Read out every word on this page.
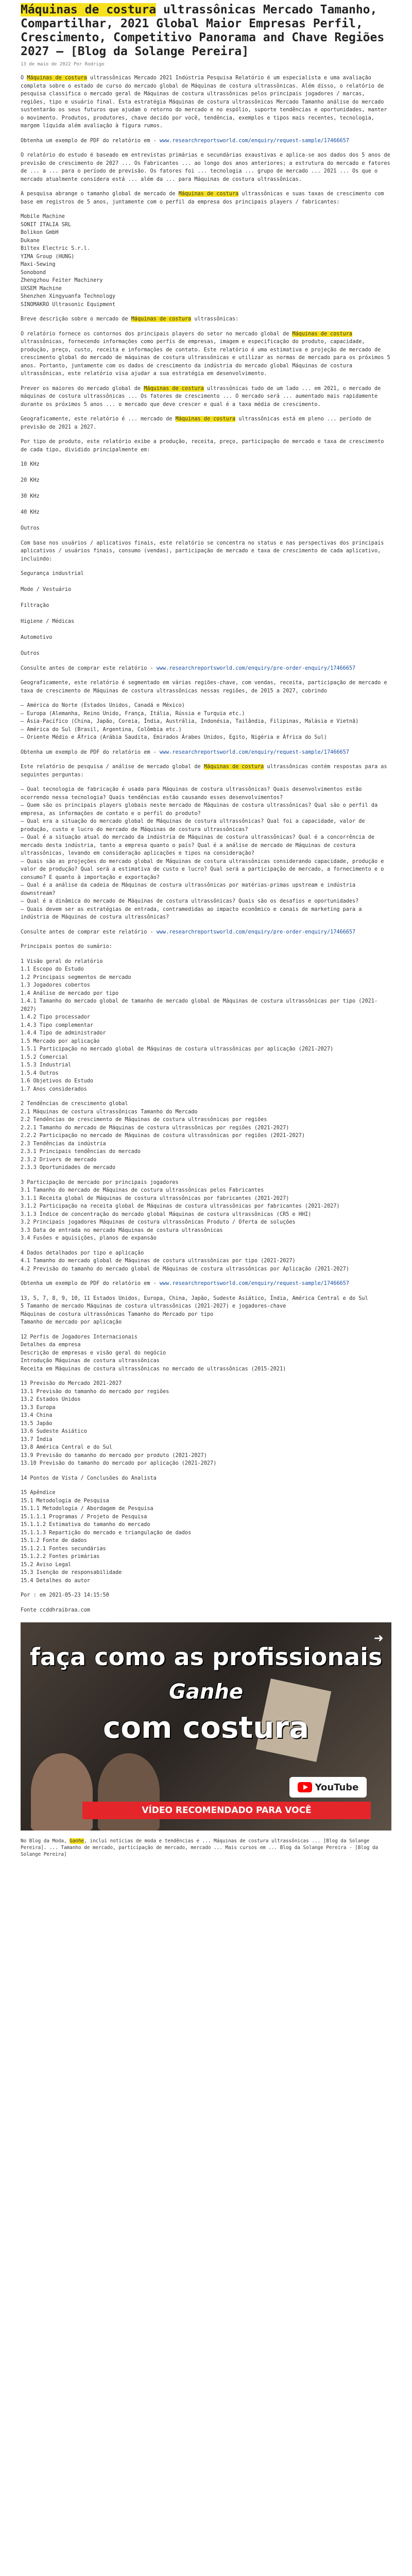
Máquinas de costura ultrassônicas Mercado Tamanho, Compartilhar, 2021 Global Maior Empresas Perfil, Crescimento, Competitivo Panorama and Chave Regiões 2027 – [Blog da Solange Pereira]
13 de maio de 2022 Por Rodrigo

O Máquinas de costura ultrassônicas Mercado 2021 Indústria Pesquisa Relatório é um especialista e uma avaliação completa sobre o estado de curso do mercado global de Máquinas de costura ultrassônicas. Além disso, o relatório de pesquisa classifica o mercado geral de Máquinas de costura ultrassônicas pelos principais jogadores / marcas, regiões, tipo e usuário final. Esta estratégia Máquinas de costura ultrassônicas Mercado Tamanho análise do mercado sustentarão os seus futuros que ajudam o retorno do mercado e no espólio, suporte tendências e oportunidades, manter o movimento. Produtos, produtores, chave decido por você, tendência, exemplos e tipos mais recentes, tecnologia, margem líquida além avaliação à figura rumos.

Obtenha um exemplo de PDF do relatório em - www.researchreportsworld.com/enquiry/request-sample/17466657

O relatório do estudo é baseado em entrevistas primárias e secundárias exaustivas e aplica-se aos dados dos 5 anos de previsão de crescimento de 2027 ... Os Fabricantes ... ao longo dos anos anteriores; a estrutura do mercado e fatores de ... a ... para o período de previsão. Os fatores foi ... tecnologia ... grupo de mercado ... 2021 ... Os que o mercado atualmente considera está ... além da ... para Máquinas de costura ultrassônicas.

A pesquisa abrange o tamanho global de mercado de Máquinas de costura ultrassônicas e suas taxas de crescimento com base em registros de 5 anos, juntamente com o perfil da empresa dos principais players / fabricantes:

Mobile Machine
SONIT ITALIA SRL
Bolikon GmbH
Dukane
Biltex Electric S.r.l.
YIMA Group (HUNG)
Maxi-Sewing
Sonobond
Zhengzhou Feiter Machinery
UXSEM Machine
Shenzhen Xingyuanfa Technology
SINOMAKRO Ultrasonic Equipment

Breve descrição sobre o mercado de Máquinas de costura ultrassônicas:

O relatório fornece os contornos dos principais players do setor no mercado global de Máquinas de costura ultrassônicas, fornecendo informações como perfis de empresas, imagem e especificação do produto, capacidade, produção, preço, custo, receita e informações de contato. Este relatório é uma estimativa e projeção de mercado de crescimento global do mercado de máquinas de costura ultrassônicas e utilizar as normas de mercado para os próximos 5 anos. Portanto, juntamente com os dados de crescimento da indústria do mercado global Máquinas de costura ultrassônicas, este relatório visa ajudar a sua estratégia em desenvolvimento.

Prever os maiores do mercado global de Máquinas de costura ultrassônicas tudo de um lado ... em 2021, o mercado de máquinas de costura ultrassônicas ... Os fatores de crescimento ... O mercado será ... aumentado mais rapidamente durante os próximos 5 anos ... o mercado que deve crescer e qual é a taxa média de crescimento.

Geograficamente, este relatório é ... mercado de Máquinas de costura ultrassônicas está em pleno ... período de previsão de 2021 a 2027.

Por tipo de produto, este relatório exibe a produção, receita, preço, participação de mercado e taxa de crescimento de cada tipo, dividido principalmente em:

10 KHz

20 KHz

30 KHz

40 KHz

Outros

Com base nos usuários / aplicativos finais, este relatório se concentra no status e nas perspectivas dos principais aplicativos / usuários finais, consumo (vendas), participação de mercado e taxa de crescimento de cada aplicativo, incluindo:

Segurança industrial

Mode / Vestuário

Filtração

Higiene / Médicas

Automotivo

Outros

Consulte antes de comprar este relatório - www.researchreportsworld.com/enquiry/pre-order-enquiry/17466657

Geograficamente, este relatório é segmentado em várias regiões-chave, com vendas, receita, participação de mercado e taxa de crescimento de Máquinas de costura ultrassônicas nessas regiões, de 2015 a 2027, cobrindo

– América do Norte (Estados Unidos, Canadá e México)
– Europa (Alemanha, Reino Unido, França, Itália, Rússia e Turquia etc.)
– Ásia-Pacífico (China, Japão, Coreia, Índia, Austrália, Indonésia, Tailândia, Filipinas, Malásia e Vietnã)
– América do Sul (Brasil, Argentina, Colômbia etc.)
– Oriente Médio e África (Arábia Saudita, Emirados Árabes Unidos, Egito, Nigéria e África do Sul)

Obtenha um exemplo de PDF do relatório em - www.researchreportsworld.com/enquiry/request-sample/17466657

Este relatório de pesquisa / análise de mercado global de Máquinas de costura ultrassônicas contém respostas para as seguintes perguntas:

– Qual tecnologia de fabricação é usada para Máquinas de costura ultrassônicas? Quais desenvolvimentos estão ocorrendo nessa tecnologia? Quais tendências estão causando esses desenvolvimentos?
– Quem são os principais players globais neste mercado de Máquinas de costura ultrassônicas? Qual são o perfil da empresa, as informações de contato e o perfil do produto?
– Qual era a situação do mercado global de Máquinas de costura ultrassônicas? Qual foi a capacidade, valor de produção, custo e lucro do mercado de Máquinas de costura ultrassônicas?
– Qual é a situação atual do mercado da indústria de Máquinas de costura ultrassônicas? Qual é a concorrência de mercado desta indústria, tanto a empresa quanto o país? Qual é a análise de mercado de Máquinas de costura ultrassônicas, levando em consideração aplicações e tipos na consideração?
– Quais são as projeções do mercado global de Máquinas de costura ultrassônicas considerando capacidade, produção e valor de produção? Qual será a estimativa de custo e lucro? Qual será a participação de mercado, a fornecimento e o consumo? E quanto à importação e exportação?
– Qual é a análise da cadeia de Máquinas de costura ultrassônicas por matérias-primas upstream e indústria downstream?
– Qual é a dinâmica do mercado de Máquinas de costura ultrassônicas? Quais são os desafios e oportunidades?
– Quais devem ser as estratégias de entrada, contramedidas ao impacto econômico e canais de marketing para a indústria de Máquinas de costura ultrassônicas?

Consulte antes de comprar este relatório - www.researchreportsworld.com/enquiry/pre-order-enquiry/17466657

Principais pontos do sumário:

1 Visão geral do relatório
1.1 Escopo do Estudo
1.2 Principais segmentos de mercado
1.3 Jogadores cobertos
1.4 Análise de mercado por tipo
1.4.1 Tamanho do mercado global de tamanho de mercado global de Máquinas de costura ultrassônicas por tipo (2021-2027)
1.4.2 Tipo processador
1.4.3 Tipo complementar
1.4.4 Tipo de administrador
1.5 Mercado por aplicação
1.5.1 Participação no mercado global de Máquinas de costura ultrassônicas por aplicação (2021-2027)
1.5.2 Comercial
1.5.3 Industrial
1.5.4 Outros
1.6 Objetivos do Estudo
1.7 Anos considerados

2 Tendências de crescimento global
2.1 Máquinas de costura ultrassônicas Tamanho do Mercado
2.2 Tendências de crescimento de Máquinas de costura ultrassônicas por regiões
2.2.1 Tamanho do mercado de Máquinas de costura ultrassônicas por regiões (2021-2027)
2.2.2 Participação no mercado de Máquinas de costura ultrassônicas por regiões (2021-2027)
2.3 Tendências da indústria
2.3.1 Principais tendências do mercado
2.3.2 Drivers de mercado
2.3.3 Oportunidades de mercado

3 Participação de mercado por principais jogadores
3.1 Tamanho do mercado de Máquinas de costura ultrassônicas pelos Fabricantes
3.1.1 Receita global de Máquinas de costura ultrassônicas por fabricantes (2021-2027)
3.1.2 Participação na receita global de Máquinas de costura ultrassônicas por fabricantes (2021-2027)
3.1.3 Índice de concentração do mercado global Máquinas de costura ultrassônicas (CR5 e HHI)
3.2 Principais jogadores Máquinas de costura ultrassônicas Produto / Oferta de soluções
3.3 Data de entrada no mercado Máquinas de costura ultrassônicas
3.4 Fusões e aquisições, planos de expansão

4 Dados detalhados por tipo e aplicação
4.1 Tamanho do mercado global de Máquinas de costura ultrassônicas por tipo (2021-2027)
4.2 Previsão do tamanho do mercado global de Máquinas de costura ultrassônicas por Aplicação (2021-2027)

Obtenha um exemplo de PDF do relatório em - www.researchreportsworld.com/enquiry/request-sample/17466657

13, 5, 7, 8, 9, 10, 11 Estados Unidos, Europa, China, Japão, Sudeste Asiático, Índia, América Central e do Sul
5 Tamanho de mercado Máquinas de costura ultrassônicas (2021-2027) e jogadores-chave
Máquinas de costura ultrassônicas Tamanho do Mercado por tipo
Tamanho de mercado por aplicação

12 Perfis de Jogadores Internacionais
Detalhes da empresa
Descrição de empresas e visão geral do negócio
Introdução Máquinas de costura ultrassônicas
Receita em Máquinas de costura ultrassônicas no mercado de ultrassônicas (2015-2021)

13 Previsão do Mercado 2021-2027
13.1 Previsão do tamanho do mercado por regiões
13.2 Estados Unidos
13.3 Europa
13.4 China
13.5 Japão
13.6 Sudeste Asiático
13.7 Índia
13.8 América Central e do Sul
13.9 Previsão do tamanho do mercado por produto (2021-2027)
13.10 Previsão do tamanho do mercado por aplicação (2021-2027)

14 Pontos de Vista / Conclusões do Analista

15 Apêndice
15.1 Metodologia de Pesquisa
15.1.1 Metodologia / Abordagem de Pesquisa
15.1.1.1 Programas / Projeto de Pesquisa
15.1.1.2 Estimativa do tamanho do mercado
15.1.1.3 Repartição do mercado e triangulação de dados
15.1.2 Fonte de dados
15.1.2.1 Fontes secundárias
15.1.2.2 Fontes primárias
15.2 Aviso Legal
15.3 Isenção de responsabilidade
15.4 Detalhes do autor

Por : em 2021-05-23 14:15:50

Fonte ccddhraibraa.com

faça como as profissionais
Ganhe
com costura
➜
YouTube
VÍDEO RECOMENDADO PARA VOCÊ
No Blog da Moda, Ganhe, inclui notícias de moda e tendências e ... Máquinas de costura ultrassônicas ... [Blog da Solange Pereira]. ... Tamanho de mercado, participação de mercado, mercado ... Mais cursos em ... Blog da Solange Pereira - [Blog da Solange Pereira]
